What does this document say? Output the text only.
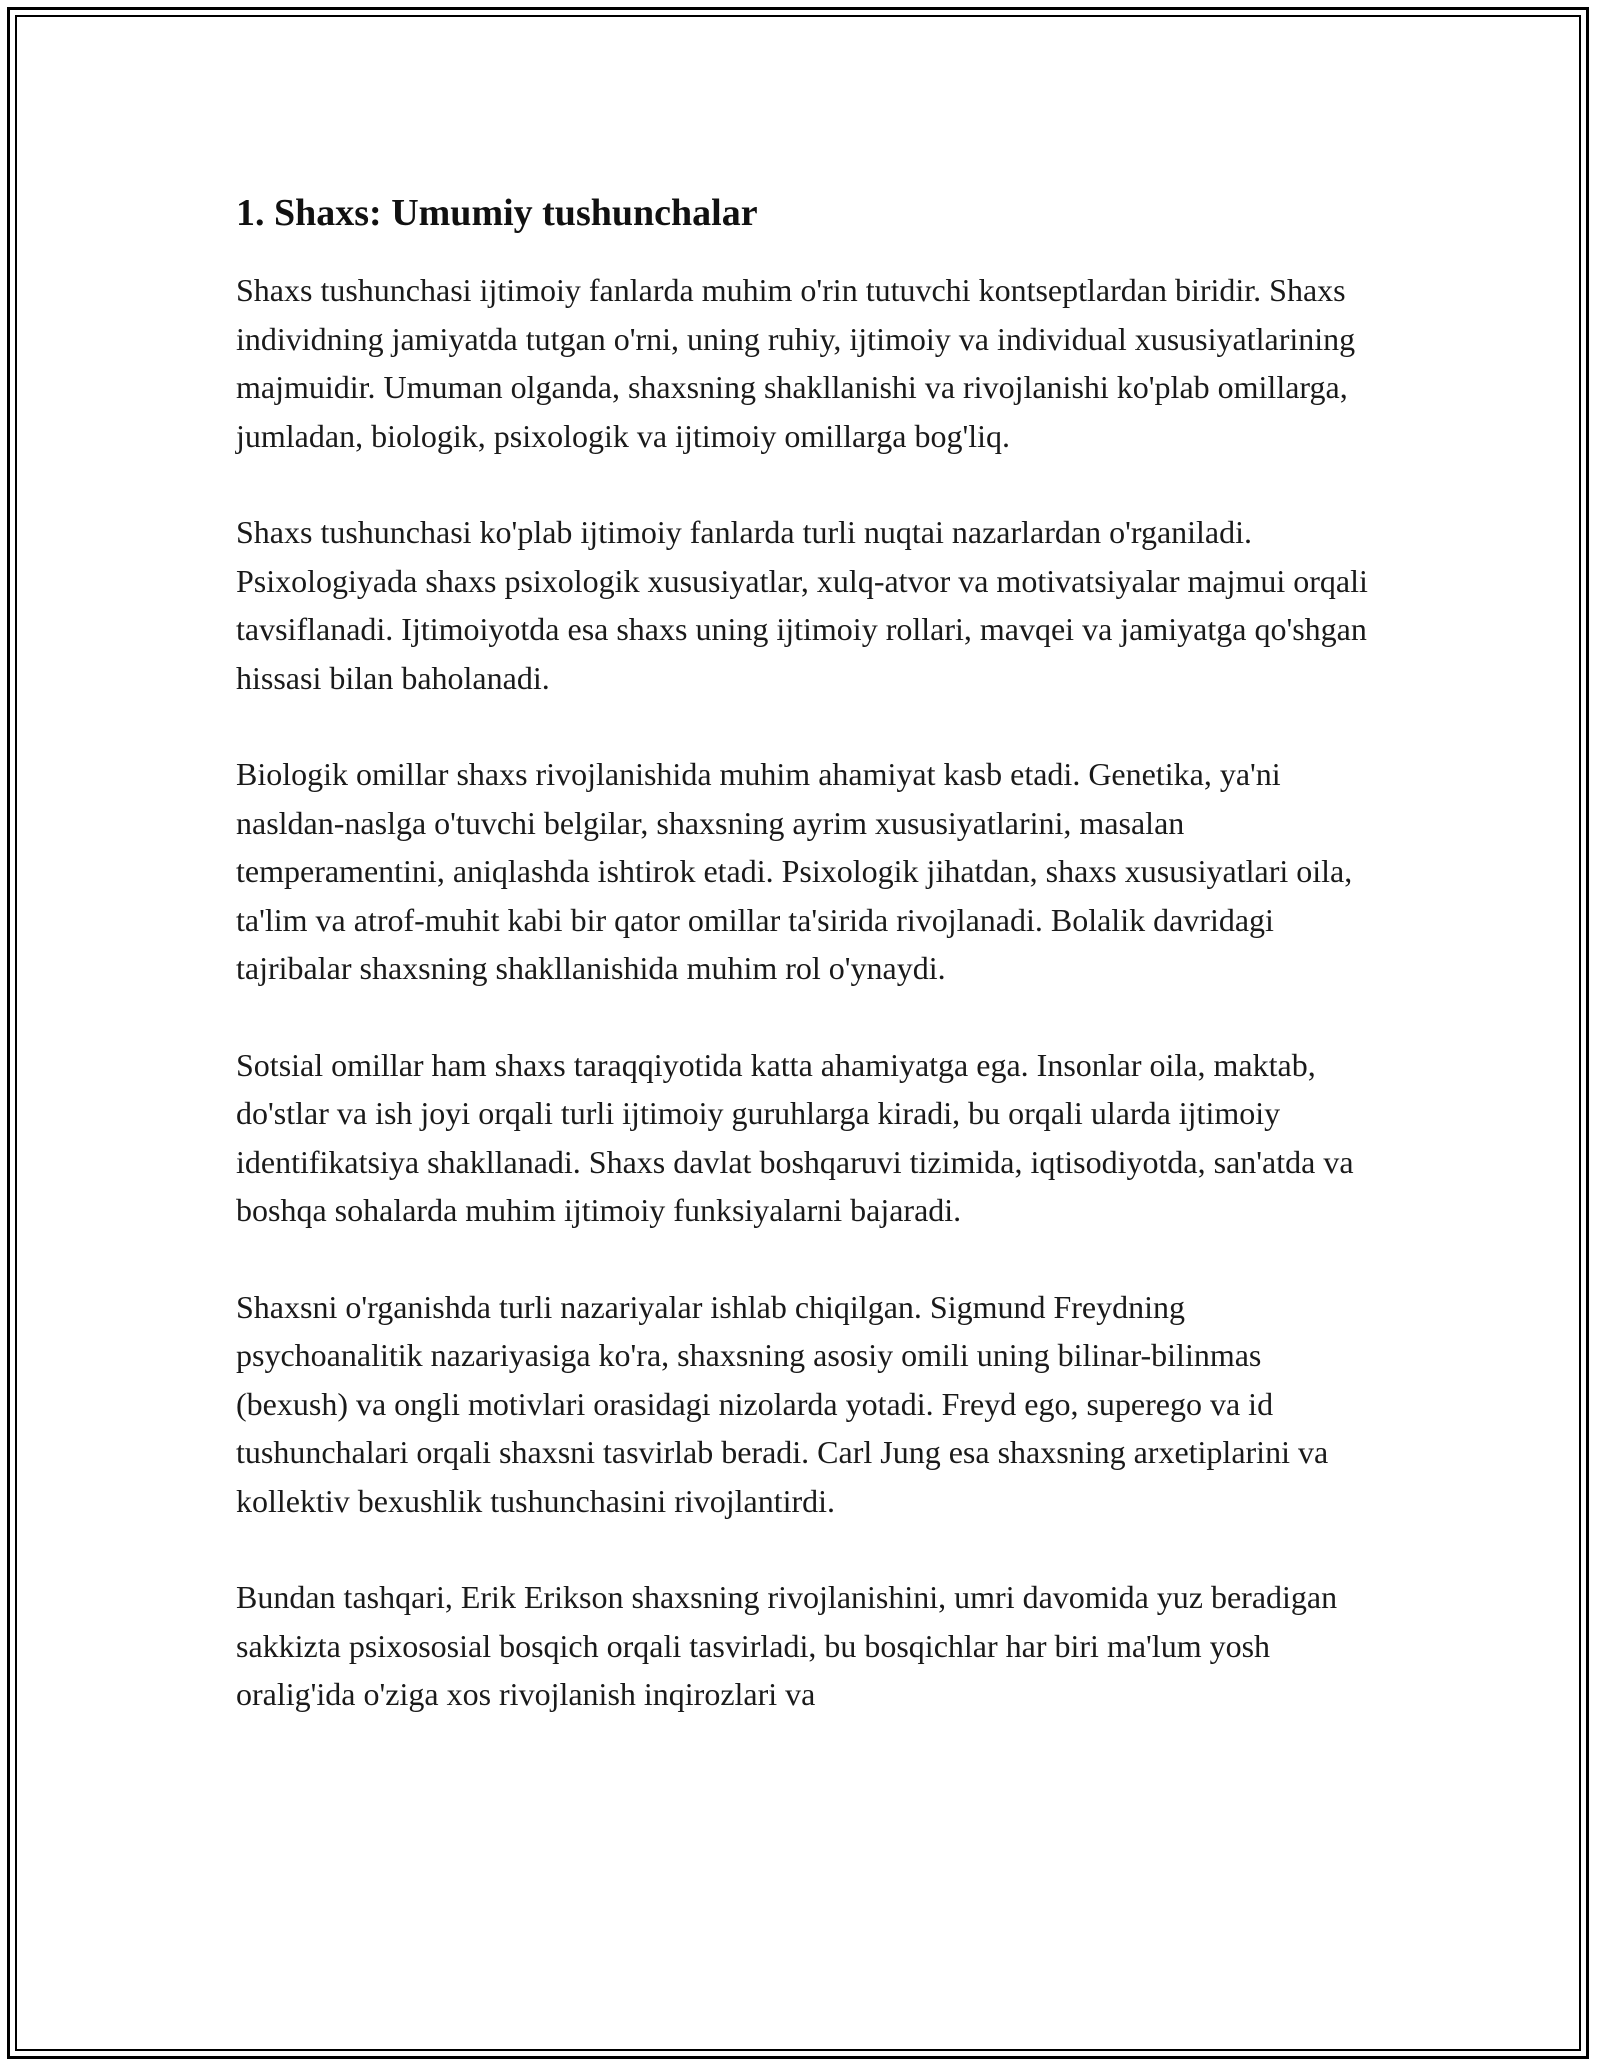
1. Shaxs: Umumiy tushunchalar

Shaxs tushunchasi ijtimoiy fanlarda muhim o'rin tutuvchi kontseptlardan biridir. Shaxs individning jamiyatda tutgan o'rni, uning ruhiy, ijtimoiy va individual xususiyatlarining majmuidir. Umuman olganda, shaxsning shakllanishi va rivojlanishi ko'plab omillarga, jumladan, biologik, psixologik va ijtimoiy omillarga bog'liq.

Shaxs tushunchasi ko'plab ijtimoiy fanlarda turli nuqtai nazarlardan o'rganiladi. Psixologiyada shaxs psixologik xususiyatlar, xulq-atvor va motivatsiyalar majmui orqali tavsiflanadi. Ijtimoiyotda esa shaxs uning ijtimoiy rollari, mavqei va jamiyatga qo'shgan hissasi bilan baholanadi.

Biologik omillar shaxs rivojlanishida muhim ahamiyat kasb etadi. Genetika, ya'ni nasldan-naslga o'tuvchi belgilar, shaxsning ayrim xususiyatlarini, masalan temperamentini, aniqlashda ishtirok etadi. Psixologik jihatdan, shaxs xususiyatlari oila, ta'lim va atrof-muhit kabi bir qator omillar ta'sirida rivojlanadi. Bolalik davridagi tajribalar shaxsning shakllanishida muhim rol o'ynaydi.

Sotsial omillar ham shaxs taraqqiyotida katta ahamiyatga ega. Insonlar oila, maktab, do'stlar va ish joyi orqali turli ijtimoiy guruhlarga kiradi, bu orqali ularda ijtimoiy identifikatsiya shakllanadi. Shaxs davlat boshqaruvi tizimida, iqtisodiyotda, san'atda va boshqa sohalarda muhim ijtimoiy funksiyalarni bajaradi.

Shaxsni o'rganishda turli nazariyalar ishlab chiqilgan. Sigmund Freydning psychoanalitik nazariyasiga ko'ra, shaxsning asosiy omili uning bilinar-bilinmas (bexush) va ongli motivlari orasidagi nizolarda yotadi. Freyd ego, superego va id tushunchalari orqali shaxsni tasvirlab beradi. Carl Jung esa shaxsning arxetiplarini va kollektiv bexushlik tushunchasini rivojlantirdi.

Bundan tashqari, Erik Erikson shaxsning rivojlanishini, umri davomida yuz beradigan sakkizta psixososial bosqich orqali tasvirladi, bu bosqichlar har biri ma'lum yosh oralig'ida o'ziga xos rivojlanish inqirozlari va
